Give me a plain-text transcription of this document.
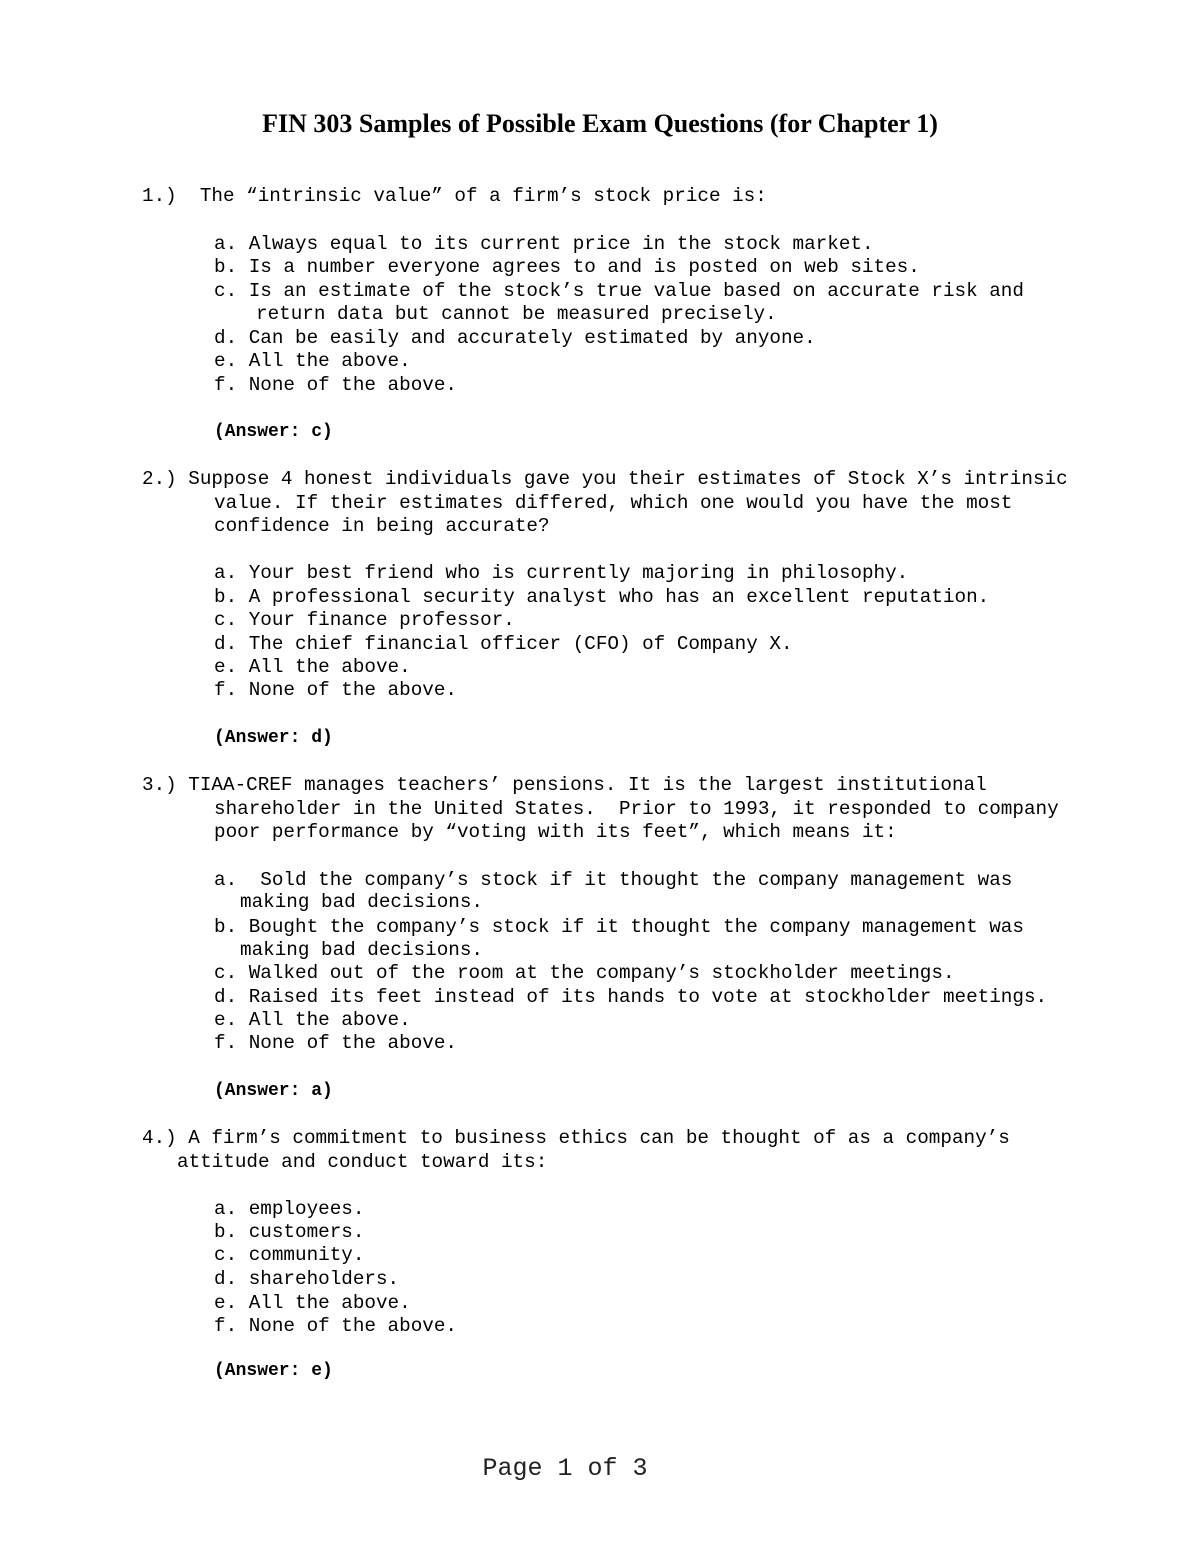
FIN 303 Samples of Possible Exam Questions (for Chapter 1)

1.)  The “intrinsic value” of a firm’s stock price is:

a. Always equal to its current price in the stock market.

b. Is a number everyone agrees to and is posted on web sites.

c. Is an estimate of the stock’s true value based on accurate risk and

return data but cannot be measured precisely.

d. Can be easily and accurately estimated by anyone.

e. All the above.

f. None of the above.

(Answer: c)

2.) Suppose 4 honest individuals gave you their estimates of Stock X’s intrinsic

value. If their estimates differed, which one would you have the most

confidence in being accurate?

a. Your best friend who is currently majoring in philosophy.

b. A professional security analyst who has an excellent reputation.

c. Your finance professor.

d. The chief financial officer (CFO) of Company X.

e. All the above.

f. None of the above.

(Answer: d)

3.) TIAA-CREF manages teachers’ pensions. It is the largest institutional

shareholder in the United States.  Prior to 1993, it responded to company

poor performance by “voting with its feet”, which means it:

a.  Sold the company’s stock if it thought the company management was

making bad decisions.

b. Bought the company’s stock if it thought the company management was

making bad decisions.

c. Walked out of the room at the company’s stockholder meetings.

d. Raised its feet instead of its hands to vote at stockholder meetings.

e. All the above.

f. None of the above.

(Answer: a)

4.) A firm’s commitment to business ethics can be thought of as a company’s

attitude and conduct toward its:

a. employees.

b. customers.

c. community.

d. shareholders.

e. All the above.

f. None of the above.

(Answer: e)

Page 1 of 3
